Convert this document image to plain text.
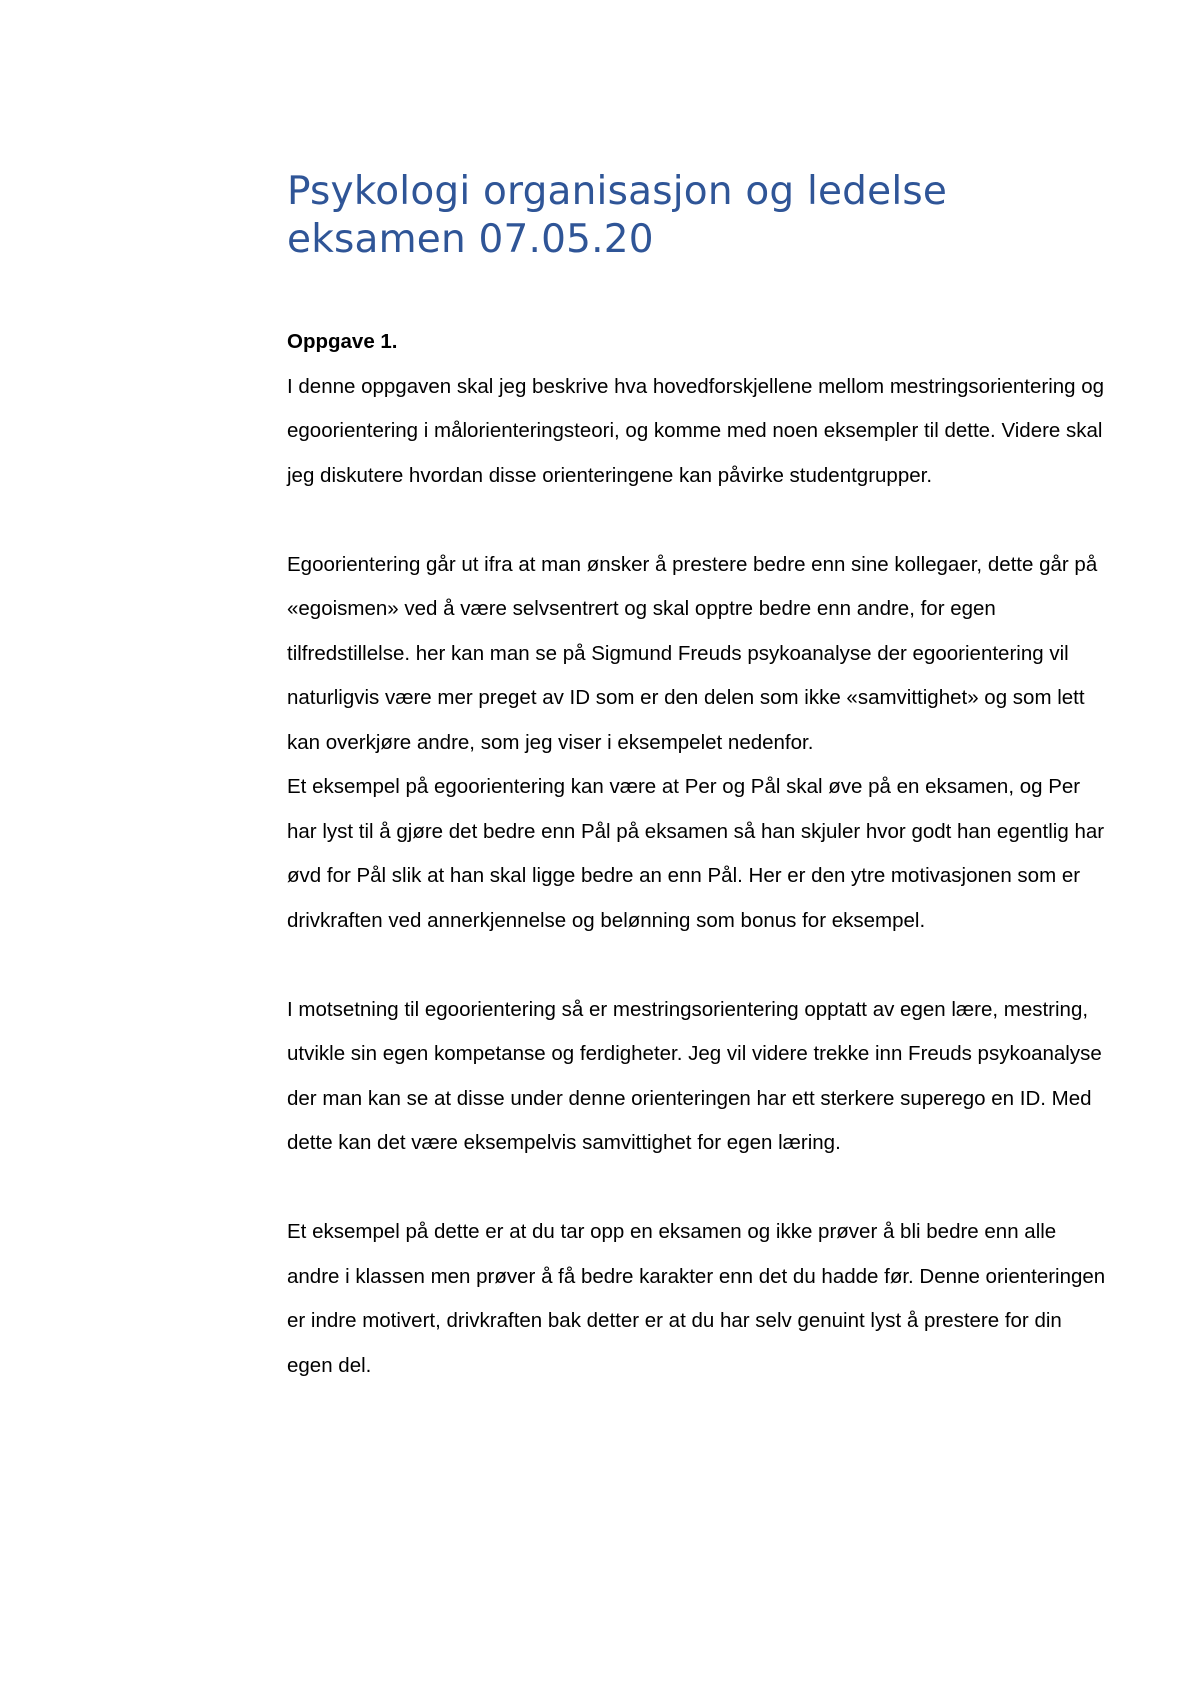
Psykologi organisasjon og ledelse
eksamen 07.05.20

Oppgave 1.

I denne oppgaven skal jeg beskrive hva hovedforskjellene mellom mestringsorientering og egoorientering i målorienteringsteori, og komme med noen eksempler til dette. Videre skal jeg diskutere hvordan disse orienteringene kan påvirke studentgrupper.

Egoorientering går ut ifra at man ønsker å prestere bedre enn sine kollegaer, dette går på «egoismen» ved å være selvsentrert og skal opptre bedre enn andre, for egen tilfredstillelse. her kan man se på Sigmund Freuds psykoanalyse der egoorientering vil naturligvis være mer preget av ID som er den delen som ikke «samvittighet» og som lett kan overkjøre andre, som jeg viser i eksempelet nedenfor.

Et eksempel på egoorientering kan være at Per og Pål skal øve på en eksamen, og Per har lyst til å gjøre det bedre enn Pål på eksamen så han skjuler hvor godt han egentlig har øvd for Pål slik at han skal ligge bedre an enn Pål. Her er den ytre motivasjonen som er drivkraften ved annerkjennelse og belønning som bonus for eksempel.

I motsetning til egoorientering så er mestringsorientering opptatt av egen lære, mestring, utvikle sin egen kompetanse og ferdigheter. Jeg vil videre trekke inn Freuds psykoanalyse der man kan se at disse under denne orienteringen har ett sterkere superego en ID. Med dette kan det være eksempelvis samvittighet for egen læring.

Et eksempel på dette er at du tar opp en eksamen og ikke prøver å bli bedre enn alle andre i klassen men prøver å få bedre karakter enn det du hadde før. Denne orienteringen er indre motivert, drivkraften bak detter er at du har selv genuint lyst å prestere for din egen del.
